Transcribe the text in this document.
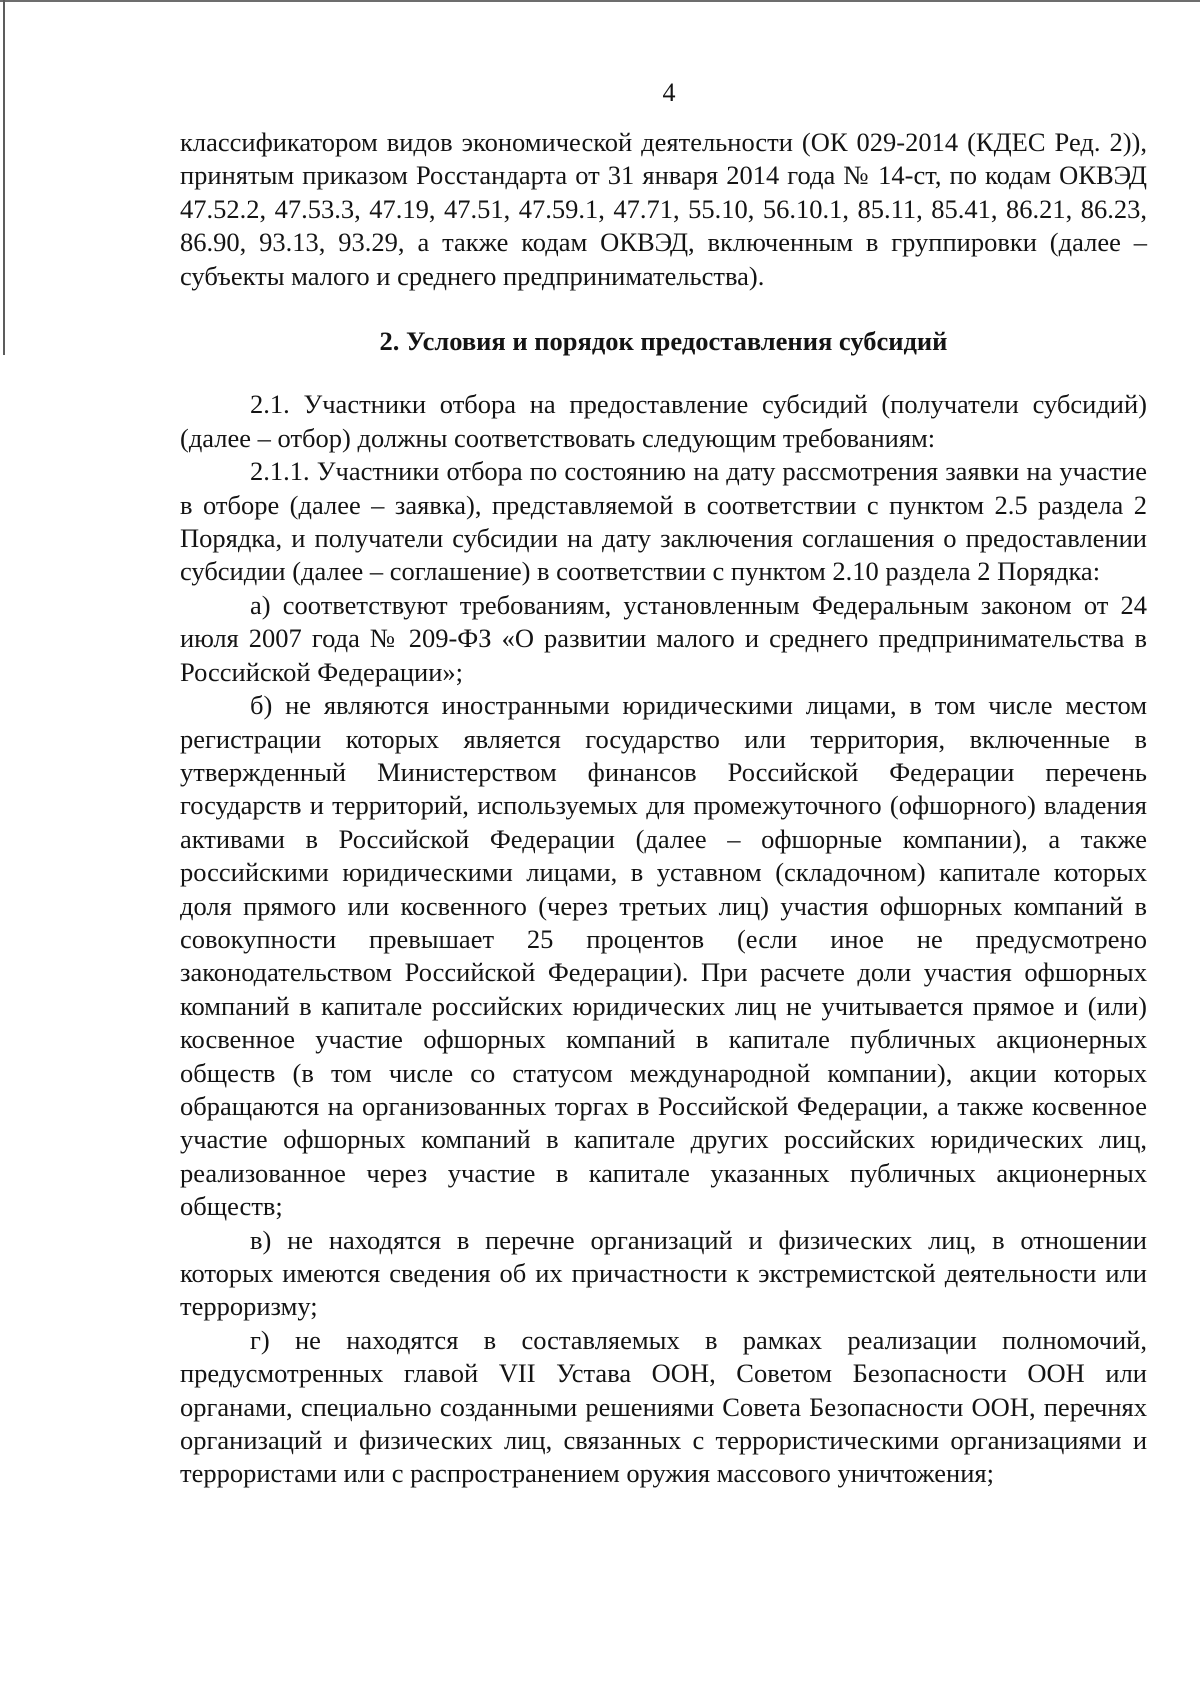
4

классификатором видов экономической деятельности (ОК 029-2014 (КДЕС Ред. 2)), принятым приказом Росстандарта от 31 января 2014 года № 14-ст, по кодам ОКВЭД 47.52.2, 47.53.3, 47.19, 47.51, 47.59.1, 47.71, 55.10, 56.10.1, 85.11, 85.41, 86.21, 86.23, 86.90, 93.13, 93.29, а также кодам ОКВЭД, включенным в группировки (далее – субъекты малого и среднего предпринимательства).

2. Условия и порядок предоставления субсидий

2.1. Участники отбора на предоставление субсидий (получатели субсидий) (далее – отбор) должны соответствовать следующим требованиям:

2.1.1. Участники отбора по состоянию на дату рассмотрения заявки на участие в отборе (далее – заявка), представляемой в соответствии с пунктом 2.5 раздела 2 Порядка, и получатели субсидии на дату заключения соглашения о предоставлении субсидии (далее – соглашение) в соответствии с пунктом 2.10 раздела 2 Порядка:

а) соответствуют требованиям, установленным Федеральным законом от 24 июля 2007 года № 209-ФЗ «О развитии малого и среднего предпринимательства в Российской Федерации»;

б) не являются иностранными юридическими лицами, в том числе местом регистрации которых является государство или территория, включенные в утвержденный Министерством финансов Российской Федерации перечень государств и территорий, используемых для промежуточного (офшорного) владения активами в Российской Федерации (далее – офшорные компании), а также российскими юридическими лицами, в уставном (складочном) капитале которых доля прямого или косвенного (через третьих лиц) участия офшорных компаний в совокупности превышает 25 процентов (если иное не предусмотрено законодательством Российской Федерации). При расчете доли участия офшорных компаний в капитале российских юридических лиц не учитывается прямое и (или) косвенное участие офшорных компаний в капитале публичных акционерных обществ (в том числе со статусом международной компании), акции которых обращаются на организованных торгах в Российской Федерации, а также косвенное участие офшорных компаний в капитале других российских юридических лиц, реализованное через участие в капитале указанных публичных акционерных обществ;

в) не находятся в перечне организаций и физических лиц, в отношении которых имеются сведения об их причастности к экстремистской деятельности или терроризму;

г) не находятся в составляемых в рамках реализации полномочий, предусмотренных главой VII Устава ООН, Советом Безопасности ООН или органами, специально созданными решениями Совета Безопасности ООН, перечнях организаций и физических лиц, связанных с террористическими организациями и террористами или с распространением оружия массового уничтожения;
